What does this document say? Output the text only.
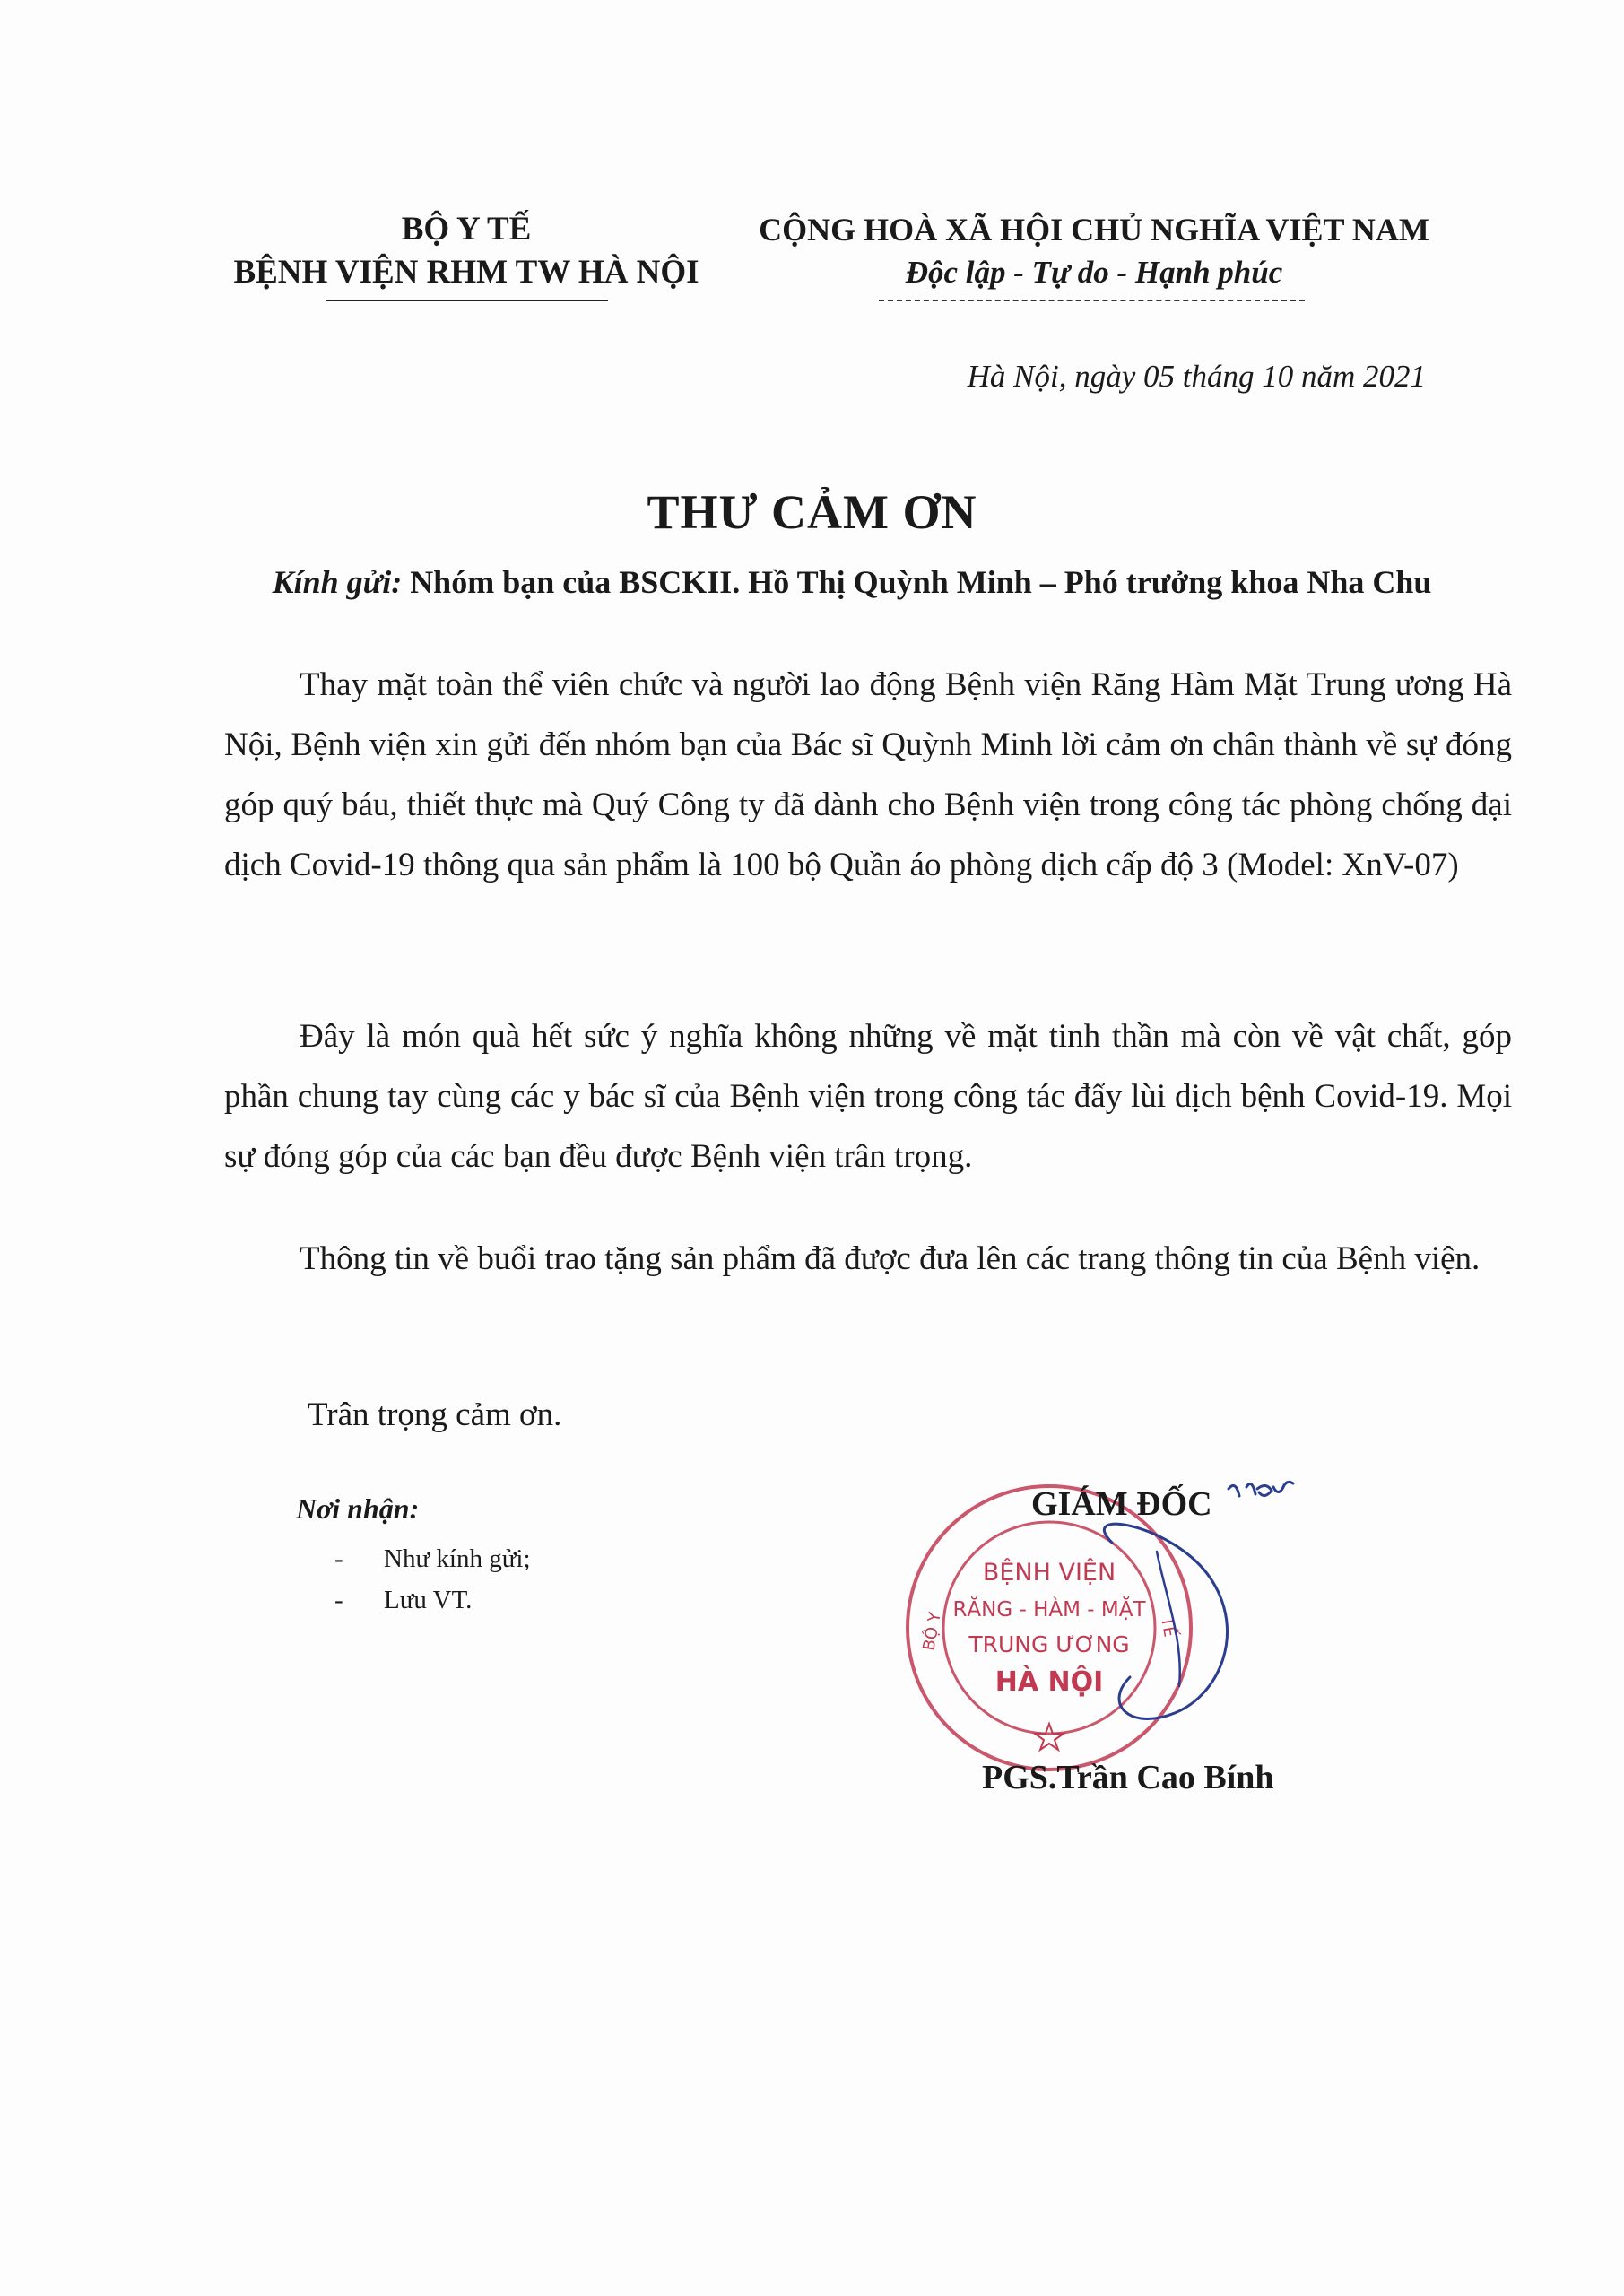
BỘ Y TẾ
BỆNH VIỆN RHM TW HÀ NỘI
CỘNG HOÀ XÃ HỘI CHỦ NGHĨA VIỆT NAM
Độc lập - Tự do - Hạnh phúc
Hà Nội, ngày 05 tháng 10 năm 2021
THƯ CẢM ƠN
Kính gửi: Nhóm bạn của BSCKII. Hồ Thị Quỳnh Minh – Phó trưởng khoa Nha Chu

Thay mặt toàn thể viên chức và người lao động Bệnh viện Răng Hàm Mặt Trung ương Hà Nội, Bệnh viện xin gửi đến nhóm bạn của Bác sĩ Quỳnh Minh lời cảm ơn chân thành về sự đóng góp quý báu, thiết thực mà Quý Công ty đã dành cho Bệnh viện trong công tác phòng chống đại dịch Covid-19 thông qua sản phẩm là 100 bộ Quần áo phòng dịch cấp độ 3 (Model: XnV-07)

Đây là món quà hết sức ý nghĩa không những về mặt tinh thần mà còn về vật chất, góp phần chung tay cùng các y bác sĩ của Bệnh viện trong công tác đẩy lùi dịch bệnh Covid-19. Mọi sự đóng góp của các bạn đều được Bệnh viện trân trọng.

Thông tin về buổi trao tặng sản phẩm đã được đưa lên các trang thông tin của Bệnh viện.

Trân trọng cảm ơn.
Nơi nhận:
- Như kính gửi;
- Lưu VT.
BỘ Y	TẾ
BỆNH VIỆN
RĂNG - HÀM - MẶT
TRUNG ƯƠNG
HÀ NỘI
GIÁM ĐỐC
PGS.Trần Cao Bính
